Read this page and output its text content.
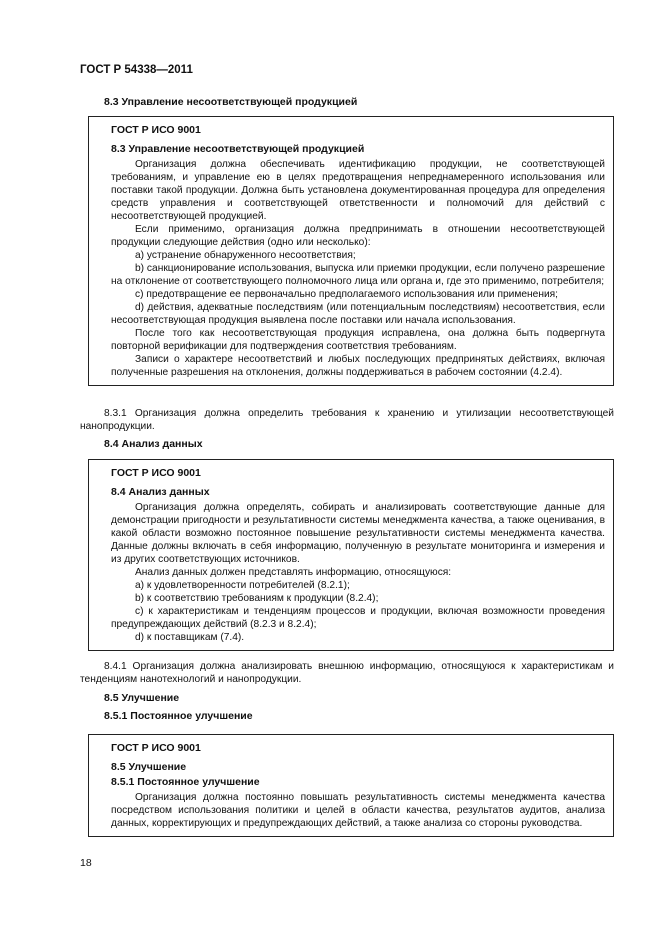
ГОСТ Р 54338—2011
8.3 Управление несоответствующей продукцией

ГОСТ Р ИСО 9001

8.3 Управление несоответствующей продукцией

Организация должна обеспечивать идентификацию продукции, не соответствующей требованиям, и управление ею в целях предотвращения непреднамеренного использования или поставки такой продукции. Должна быть установлена документированная процедура для определения средств управления и соответствующей ответственности и полномочий для действий с несоответствующей продукцией.

Если применимо, организация должна предпринимать в отношении несоответствующей продукции следующие действия (одно или несколько):

а) устранение обнаруженного несоответствия;

b) санкционирование использования, выпуска или приемки продукции, если получено разрешение на отклонение от соответствующего полномочного лица или органа и, где это применимо, потребителя;

с) предотвращение ее первоначально предполагаемого использования или применения;

d) действия, адекватные последствиям (или потенциальным последствиям) несоответствия, если несоответствующая продукция выявлена после поставки или начала использования.

После того как несоответствующая продукция исправлена, она должна быть подвергнута повторной верификации для подтверждения соответствия требованиям.

Записи о характере несоответствий и любых последующих предпринятых действиях, включая полученные разрешения на отклонения, должны поддерживаться в рабочем состоянии (4.2.4).

8.3.1 Организация должна определить требования к хранению и утилизации несоответствующей нанопродукции.
8.4 Анализ данных

ГОСТ Р ИСО 9001

8.4 Анализ данных

Организация должна определять, собирать и анализировать соответствующие данные для демонстрации пригодности и результативности системы менеджмента качества, а также оценивания, в какой области возможно постоянное повышение результативности системы менеджмента качества. Данные должны включать в себя информацию, полученную в результате мониторинга и измерения и из других соответствующих источников.

Анализ данных должен представлять информацию, относящуюся:

а) к удовлетворенности потребителей (8.2.1);

b) к соответствию требованиям к продукции (8.2.4);

с) к характеристикам и тенденциям процессов и продукции, включая возможности проведения предупреждающих действий (8.2.3 и 8.2.4);

d) к поставщикам (7.4).

8.4.1 Организация должна анализировать внешнюю информацию, относящуюся к характеристикам и тенденциям нанотехнологий и нанопродукции.
8.5 Улучшение
8.5.1 Постоянное улучшение

ГОСТ Р ИСО 9001

8.5 Улучшение

8.5.1 Постоянное улучшение

Организация должна постоянно повышать результативность системы менеджмента качества посредством использования политики и целей в области качества, результатов аудитов, анализа данных, корректирующих и предупреждающих действий, а также анализа со стороны руководства.

18
